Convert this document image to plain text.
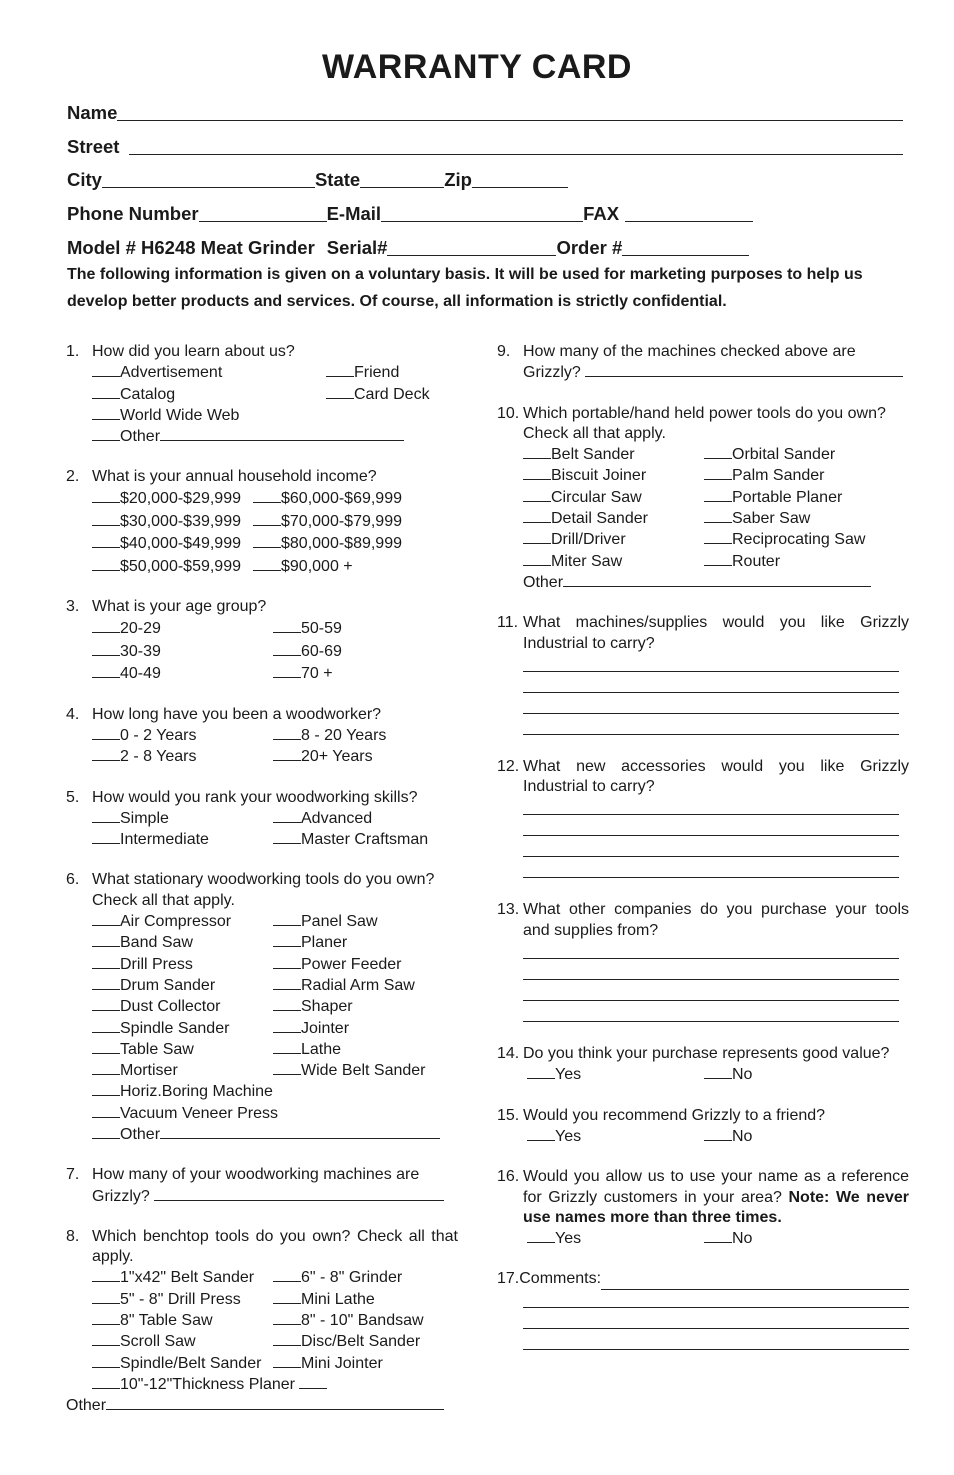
WARRANTY CARD
Name
Street
City	State	Zip
Phone Number	E-Mail	FAX
Model # H6248 Meat Grinder Serial#	Order #
The following information is given on a voluntary basis. It will be used for marketing purposes to help us develop better products and services. Of course, all information is strictly confidential.
1. How did you learn about us?
Advertisement	Friend
Catalog	Card Deck
World Wide Web
Other
2. What is your annual household income?
$20,000-$29,999	$60,000-$69,999
$30,000-$39,999	$70,000-$79,999
$40,000-$49,999	$80,000-$89,999
$50,000-$59,999	$90,000 +
3. What is your age group?
20-29	50-59
30-39	60-69
40-49	70 +
4. How long have you been a woodworker?
0 - 2 Years	8 - 20 Years
2 - 8 Years	20+ Years
5. How would you rank your woodworking skills?
Simple	Advanced
Intermediate	Master Craftsman
6. What stationary woodworking tools do you own? Check all that apply.
Air Compressor	Panel Saw
Band Saw	Planer
Drill Press	Power Feeder
Drum Sander	Radial Arm Saw
Dust Collector	Shaper
Spindle Sander	Jointer
Table Saw	Lathe
Mortiser	Wide Belt Sander
Horiz.Boring Machine
Vacuum Veneer Press
Other
7. How many of your woodworking machines are
Grizzly?
8. Which benchtop tools do you own? Check all that apply.
1"x42" Belt Sander	6" - 8" Grinder
5" - 8" Drill Press	Mini Lathe
8" Table Saw	8" - 10" Bandsaw
Scroll Saw	Disc/Belt Sander
Spindle/Belt Sander	Mini Jointer
10"-12"Thickness Planer
Other
9. How many of the machines checked above are
Grizzly?
10. Which portable/hand held power tools do you own? Check all that apply.
Belt Sander	Orbital Sander
Biscuit Joiner	Palm Sander
Circular Saw	Portable Planer
Detail Sander	Saber Saw
Drill/Driver	Reciprocating Saw
Miter Saw	Router
Other
11. What machines/supplies would you like Grizzly Industrial to carry?
12. What new accessories would you like Grizzly Industrial to carry?
13. What other companies do you purchase your tools and supplies from?
14. Do you think your purchase represents good value?
Yes	No
15. Would you recommend Grizzly to a friend?
Yes	No
16. Would you allow us to use your name as a reference for Grizzly customers in your area? Note: We never use names more than three times.
Yes	No
17. Comments:
